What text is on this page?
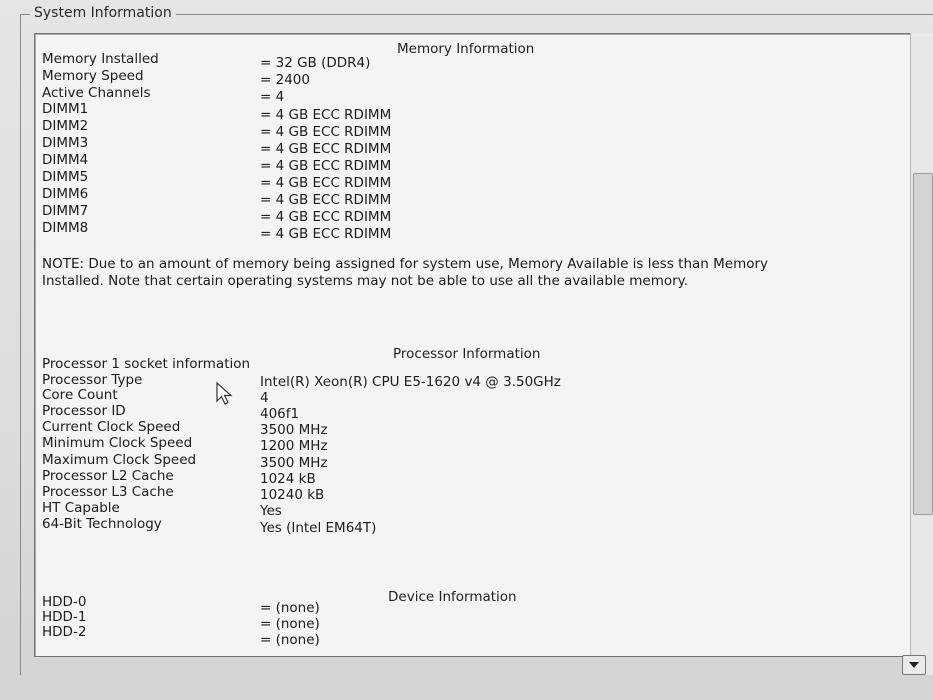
System Information
Memory Information
Memory Installed	= 32 GB (DDR4)
Memory Speed	= 2400
Active Channels	= 4
DIMM1	= 4 GB ECC RDIMM
DIMM2	= 4 GB ECC RDIMM
DIMM3	= 4 GB ECC RDIMM
DIMM4	= 4 GB ECC RDIMM
DIMM5	= 4 GB ECC RDIMM
DIMM6	= 4 GB ECC RDIMM
DIMM7	= 4 GB ECC RDIMM
DIMM8	= 4 GB ECC RDIMM
NOTE: Due to an amount of memory being assigned for system use, Memory Available is less than Memory Installed. Note that certain operating systems may not be able to use all the available memory.
Processor Information
Processor 1 socket information
Processor Type	Intel(R) Xeon(R) CPU E5-1620 v4 @ 3.50GHz
Core Count	4
Processor ID	406f1
Current Clock Speed	3500 MHz
Minimum Clock Speed	1200 MHz
Maximum Clock Speed	3500 MHz
Processor L2 Cache	1024 kB
Processor L3 Cache	10240 kB
HT Capable	Yes
64-Bit Technology	Yes (Intel EM64T)
Device Information
HDD-0	= (none)
HDD-1	= (none)
HDD-2	= (none)
